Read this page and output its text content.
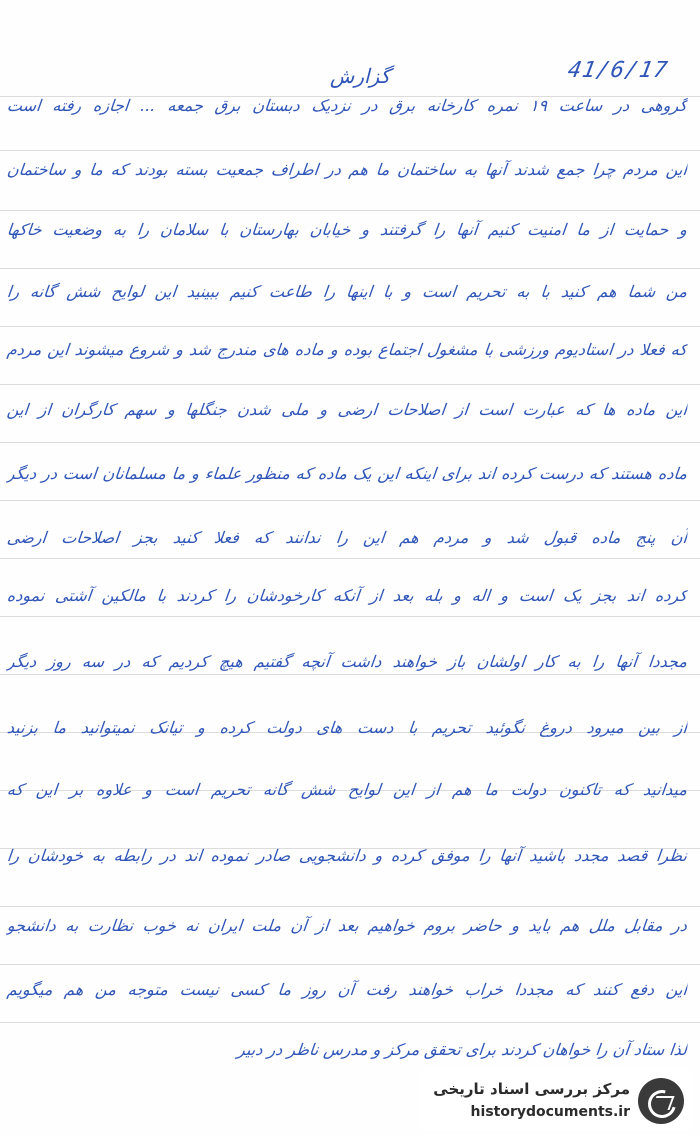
41/6/17
گزارش
گروهی در ساعت ۱۹ نمره کارخانه برق در نزدیک دبستان برق جمعه ... اجازه رفته است
این مردم چرا جمع شدند آنها به ساختمان ما هم در اطراف جمعیت بسته بودند که ما و ساختمان
و حمایت از ما امنیت کنیم آنها را گرفتند و خیابان بهارستان با سلامان را به وضعیت خاکها
من شما هم کنید با به تحریم است و با اینها را طاعت کنیم ببینید این لوایح شش گانه را
که فعلا در استادیوم ورزشی با مشغول اجتماع بوده و ماده های مندرج شد و شروع میشوند این مردم
این ماده ها که عبارت است از اصلاحات ارضی و ملی شدن جنگلها و سهم کارگران از این
ماده هستند که درست کرده اند برای اینکه این یک ماده که منظور علماء و ما مسلمانان است در دیگر
آن پنج ماده قبول شد و مردم هم این را ندانند که فعلا کنید بجز اصلاحات ارضی
کرده اند بجز یک است و اله و بله بعد از آنکه کارخودشان را کردند با مالکین آشتی نموده
مجددا آنها را به کار اولشان باز خواهند داشت آنچه گفتیم هیچ کردیم که در سه روز دیگر
از بین میرود دروغ نگوئید تحریم با دست های دولت کرده و تیانک نمیتوانید ما بزنید
میدانید که تاکنون دولت ما هم از این لوایح شش گانه تحریم است و علاوه بر این که
نظرا قصد مجدد باشید آنها را موفق کرده و دانشجویی صادر نموده اند در رابطه به خودشان را
در مقابل ملل هم باید و حاضر بروم خواهیم بعد از آن ملت ایران نه خوب نظارت به دانشجو
این دفع کنند که مجددا خراب خواهند رفت آن روز ما کسی نیست متوجه من هم میگویم
لذا ستاد آن را خواهان کردند برای تحقق مرکز و مدرس ناظر در دبیر
مرکز بررسی اسناد تاریخی
historydocuments.ir
